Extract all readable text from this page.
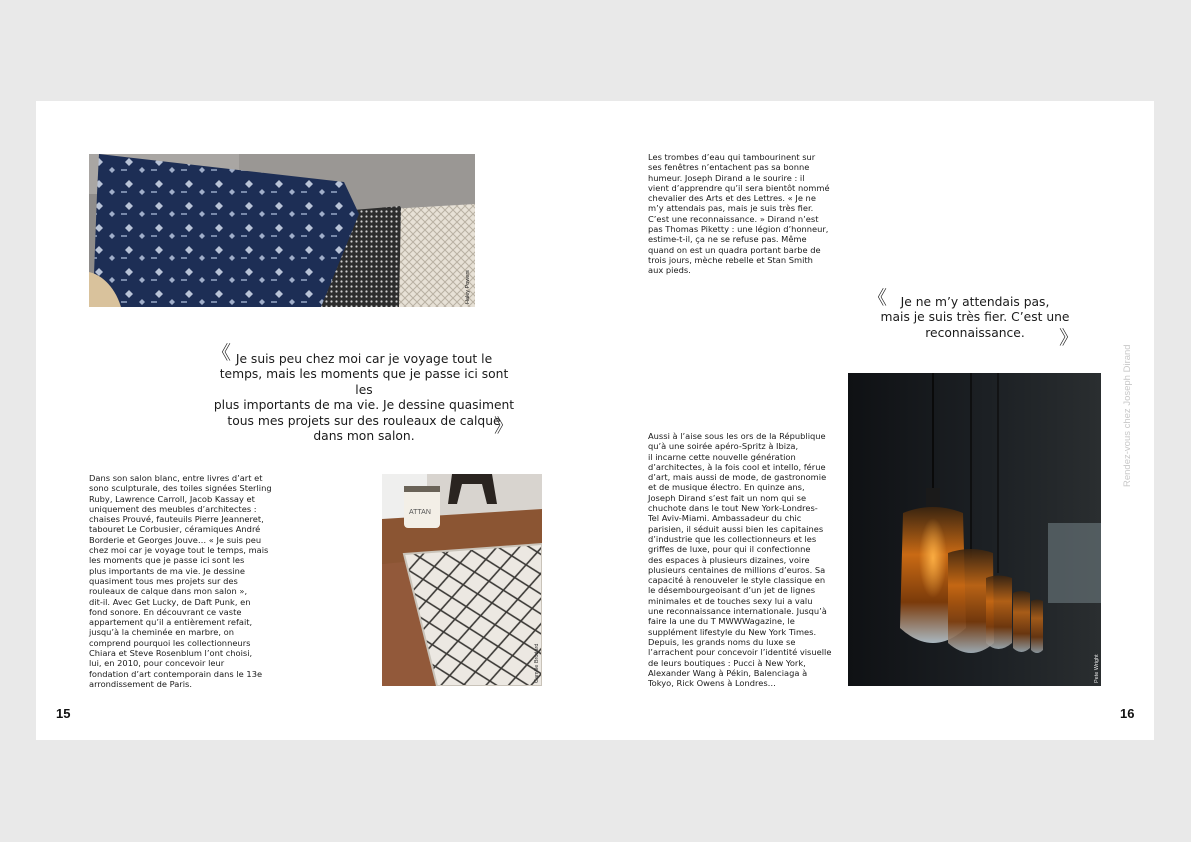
Haley Powers
《 Je suis peu chez moi car je voyage tout le

temps, mais les moments que je passe ici sont les

plus importants de ma vie. Je dessine quasiment

tous mes projets sur des rouleaux de calque

dans mon salon.	》

Dans son salon blanc, entre livres d’art et

sono sculpturale, des toiles signées Sterling

Ruby, Lawrence Carroll, Jacob Kassay et

uniquement des meubles d’architectes :

chaises Prouvé, fauteuils Pierre Jeanneret,

tabouret Le Corbusier, céramiques André

Borderie et Georges Jouve… « Je suis peu

chez moi car je voyage tout le temps, mais

les moments que je passe ici sont les

plus importants de ma vie. Je dessine

quasiment tous mes projets sur des

rouleaux de calque dans mon salon »,

dit-il. Avec Get Lucky, de Daft Punk, en

fond sonore. En découvrant ce vaste

appartement qu’il a entièrement refait,

jusqu’à la cheminée en marbre, on

comprend pourquoi les collectionneurs

Chiara et Steve Rosenblum l’ont choisi,

lui, en 2010, pour concevoir leur

fondation d’art contemporain dans le 13e

arrondissement de Paris.

ATTAN
Camille Brodard
15

Les trombes d’eau qui tambourinent sur

ses fenêtres n’entachent pas sa bonne

humeur. Joseph Dirand a le sourire : il

vient d’apprendre qu’il sera bientôt nommé

chevalier des Arts et des Lettres. « Je ne

m’y attendais pas, mais je suis très fier.

C’est une reconnaissance. » Dirand n’est

pas Thomas Piketty : une légion d’honneur,

estime-t-il, ça ne se refuse pas. Même

quand on est un quadra portant barbe de

trois jours, mèche rebelle et Stan Smith

aux pieds.

《	Je ne m’y attendais pas,

mais je suis très fier. C’est une

reconnaissance.	》

Aussi à l’aise sous les ors de la République

qu’à une soirée apéro-Spritz à Ibiza,

il incarne cette nouvelle génération

d’architectes, à la fois cool et intello, férue

d’art, mais aussi de mode, de gastronomie

et de musique électro. En quinze ans,

Joseph Dirand s’est fait un nom qui se

chuchote dans le tout New York-Londres-

Tel Aviv-Miami. Ambassadeur du chic

parisien, il séduit aussi bien les capitaines

d’industrie que les collectionneurs et les

griffes de luxe, pour qui il confectionne

des espaces à plusieurs dizaines, voire

plusieurs centaines de millions d’euros. Sa

capacité à renouveler le style classique en

le désembourgeoisant d’un jet de lignes

minimales et de touches sexy lui a valu

une reconnaissance internationale. Jusqu’à

faire la une du T MWWWagazine, le

supplément lifestyle du New York Times.

Depuis, les grands noms du luxe se

l’arrachent pour concevoir l’identité visuelle

de leurs boutiques : Pucci à New York,

Alexander Wang à Pékin, Balenciaga à

Tokyo, Rick Owens à Londres…

Pete Wright
Rendez-vous chez Joseph Dirand
16
